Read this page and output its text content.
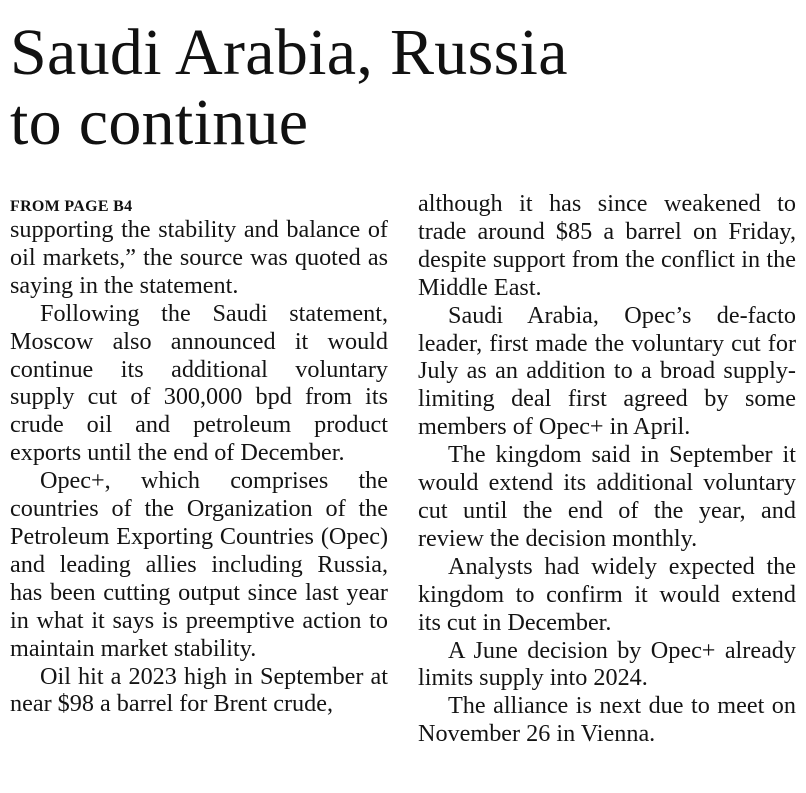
Saudi Arabia, Russia
to continue
FROM PAGE B4

supporting the stability and balance of oil markets,” the source was quoted as saying in the statement.

Following the Saudi statement, Moscow also announced it would continue its additional voluntary supply cut of 300,000 bpd from its crude oil and petroleum product exports until the end of December.

Opec+, which comprises the countries of the Organization of the Petroleum Exporting Countries (Opec) and leading allies including Russia, has been cutting output since last year in what it says is preemptive action to maintain market stability.

Oil hit a 2023 high in September at near $98 a barrel for Brent crude,

although it has since weakened to trade around $85 a barrel on Friday, despite support from the conflict in the Middle East.

Saudi Arabia, Opec’s de-facto leader, first made the voluntary cut for July as an addition to a broad supply-limiting deal first agreed by some members of Opec+ in April.

The kingdom said in September it would extend its additional voluntary cut until the end of the year, and review the decision monthly.

Analysts had widely expected the kingdom to confirm it would extend its cut in December.

A June decision by Opec+ already limits supply into 2024.

The alliance is next due to meet on November 26 in Vienna.
